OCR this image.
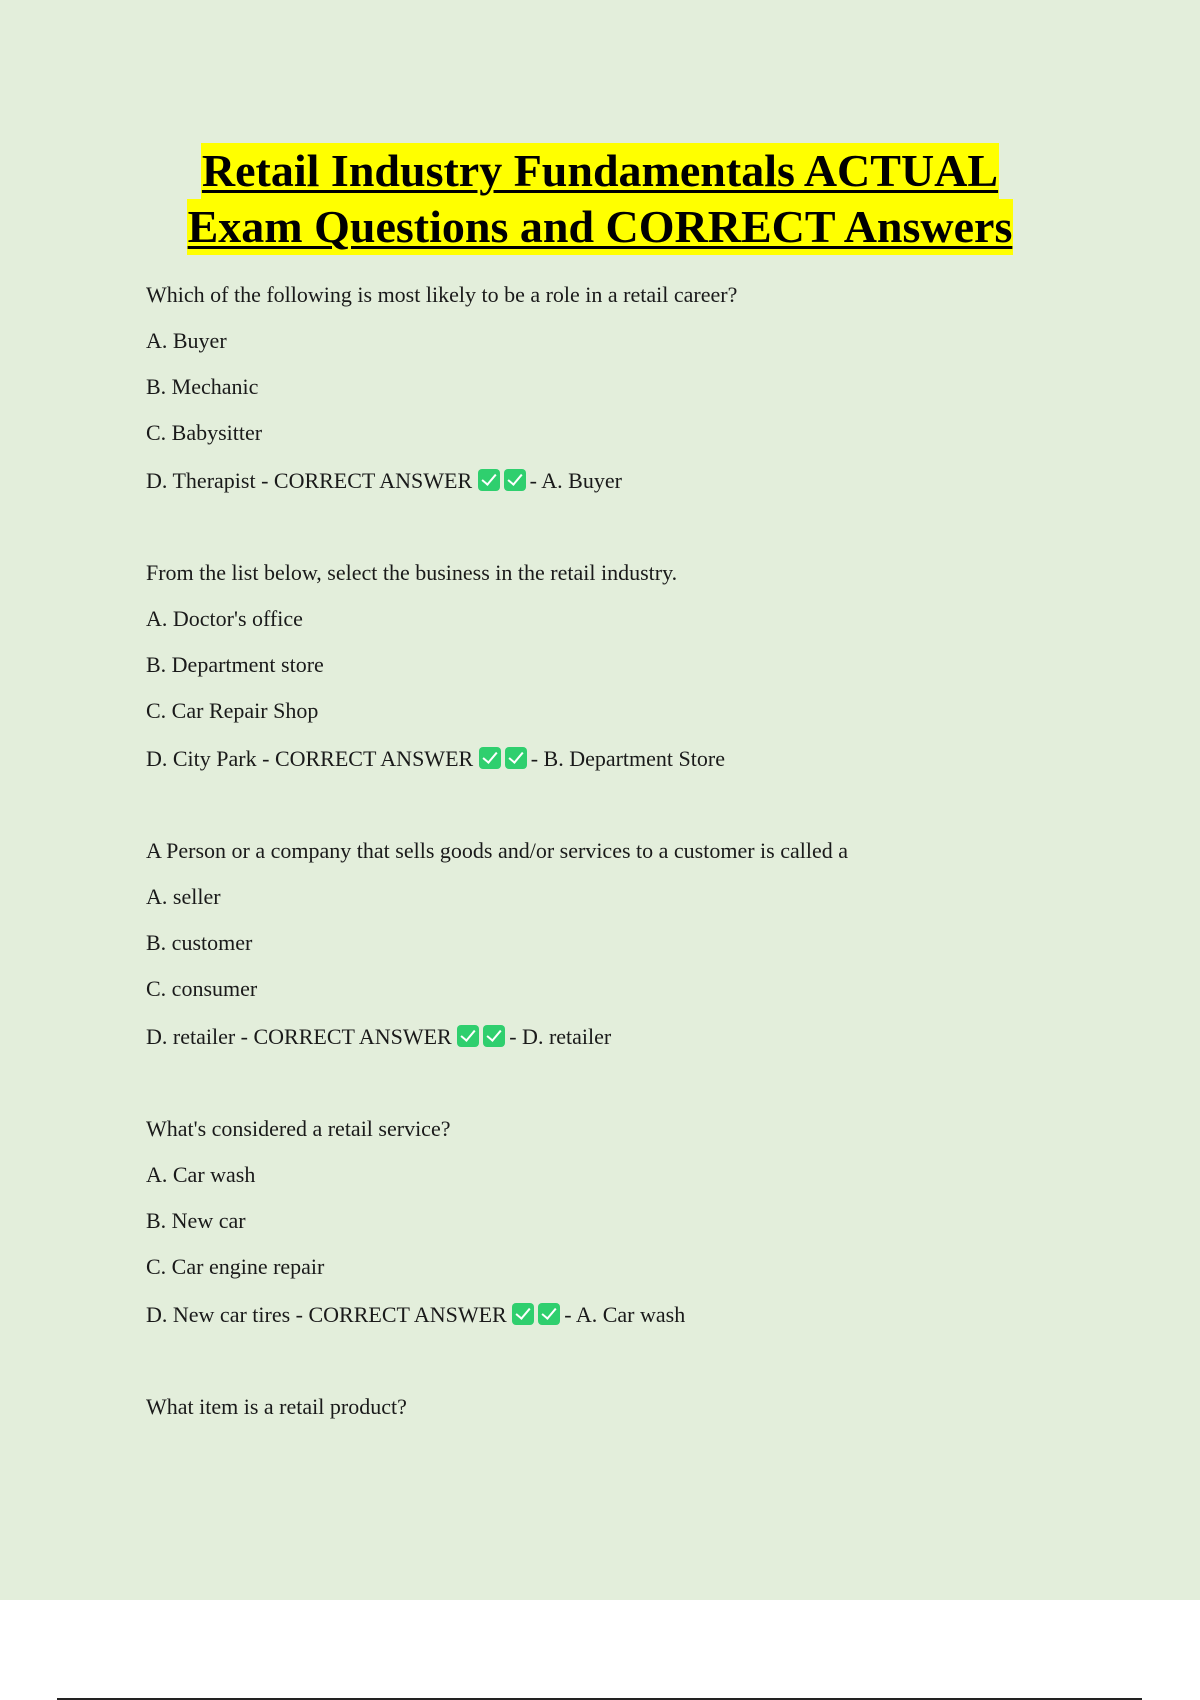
Retail Industry Fundamentals ACTUAL
Exam Questions and CORRECT Answers
Which of the following is most likely to be a role in a retail career?
A. Buyer
B. Mechanic
C. Babysitter
D. Therapist - CORRECT ANSWER	- A. Buyer
From the list below, select the business in the retail industry.
A. Doctor's office
B. Department store
C. Car Repair Shop
D. City Park - CORRECT ANSWER	- B. Department Store
A Person or a company that sells goods and/or services to a customer is called a
A. seller
B. customer
C. consumer
D. retailer - CORRECT ANSWER	- D. retailer
What's considered a retail service?
A. Car wash
B. New car
C. Car engine repair
D. New car tires - CORRECT ANSWER	- A. Car wash
What item is a retail product?
